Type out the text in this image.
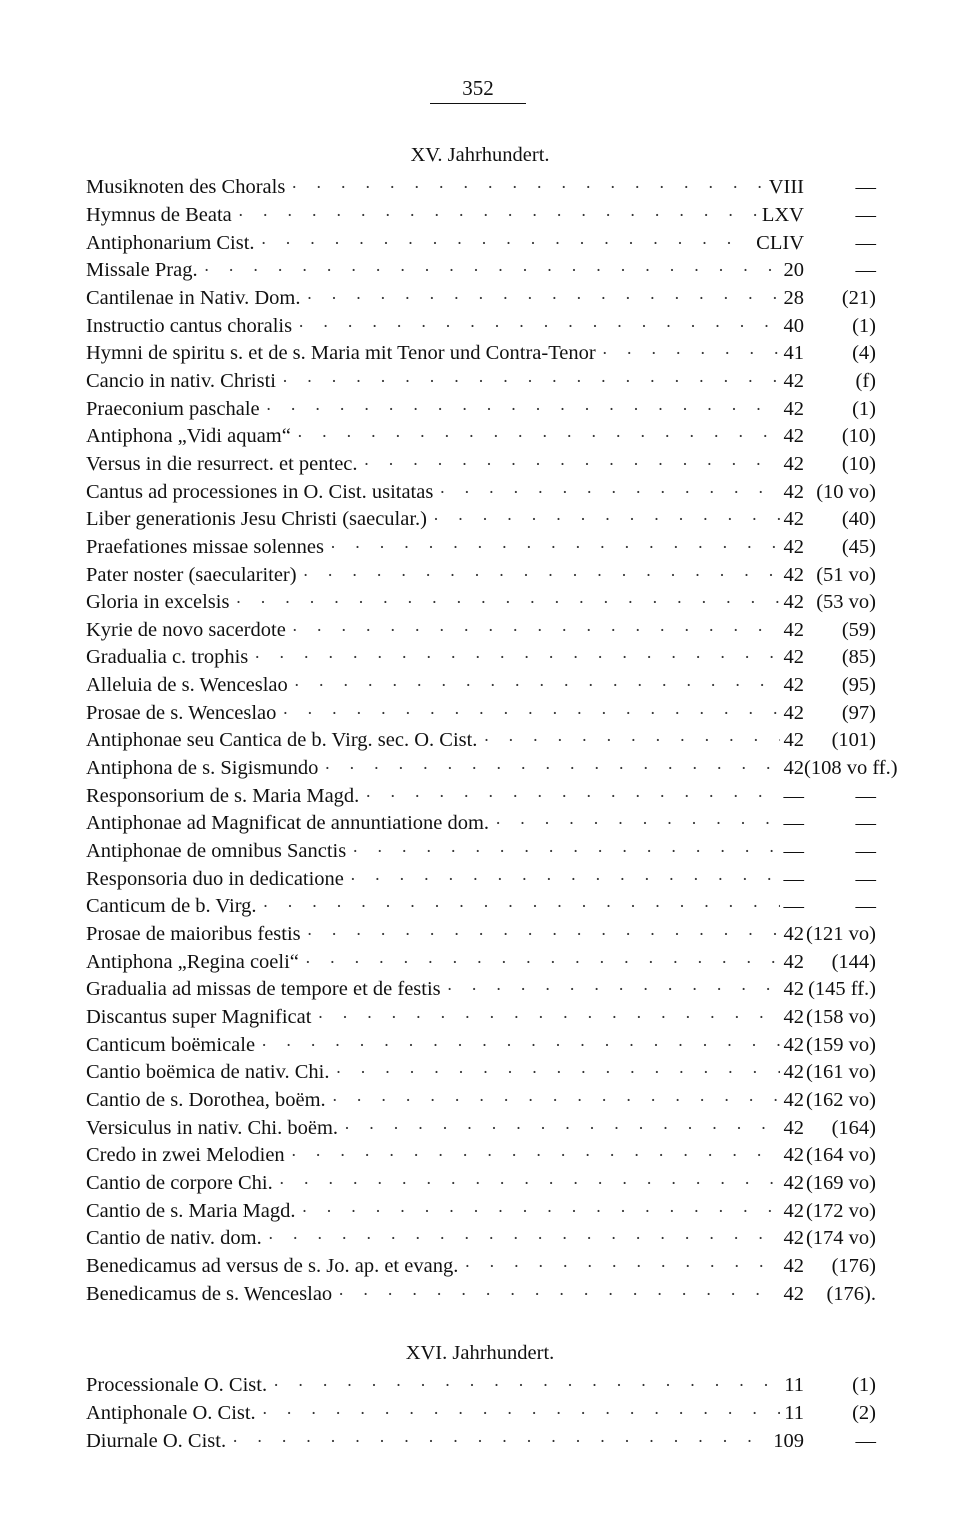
352
XV. Jahrhundert.
Musiknoten des Chorals · · ·	VIII	—
Hymnus de Beata · · ·	LXV	—
Antiphonarium Cist. · · ·	CLIV	—
Missale Prag. · · ·	20	—
Cantilenae in Nativ. Dom. · · ·	28	(21)
Instructio cantus choralis · · ·	40	(1)
Hymni de spiritu s. et de s. Maria mit Tenor und Contra-Tenor · · ·	41	(4)
Cancio in nativ. Christi · · ·	42	(f)
Praeconium paschale · · ·	42	(1)
Antiphona „Vidi aquam“ · · ·	42	(10)
Versus in die resurrect. et pentec. · · ·	42	(10)
Cantus ad processiones in O. Cist. usitatas · · ·	42 (10 vo)
Liber generationis Jesu Christi (saecular.) · · ·	42	(40)
Praefationes missae solennes · · ·	42	(45)
Pater noster (saeculariter) · · ·	42 (51 vo)
Gloria in excelsis · · ·	42 (53 vo)
Kyrie de novo sacerdote · · ·	42	(59)
Gradualia c. trophis · · ·	42	(85)
Alleluia de s. Wenceslao · · ·	42	(95)
Prosae de s. Wenceslao · · ·	42	(97)
Antiphonae seu Cantica de b. Virg. sec. O. Cist. · · ·	42	(101)
Antiphona de s. Sigismundo · · ·	42 (108 vo ff.)
Responsorium de s. Maria Magd. · · ·	—	—
Antiphonae ad Magnificat de annuntiatione dom. · · ·	—	—
Antiphonae de omnibus Sanctis · · ·	—	—
Responsoria duo in dedicatione · · ·	—	—
Canticum de b. Virg. · · ·	—	—
Prosae de maioribus festis · · ·	42 (121 vo)
Antiphona „Regina coeli“ · · ·	42	(144)
Gradualia ad missas de tempore et de festis · · ·	42 (145 ff.)
Discantus super Magnificat · · ·	42 (158 vo)
Canticum boëmicale · · ·	42 (159 vo)
Cantio boëmica de nativ. Chi. · · ·	42 (161 vo)
Cantio de s. Dorothea, boëm. · · ·	42 (162 vo)
Versiculus in nativ. Chi. boëm. · · ·	42	(164)
Credo in zwei Melodien · · ·	42 (164 vo)
Cantio de corpore Chi. · · ·	42 (169 vo)
Cantio de s. Maria Magd. · · ·	42 (172 vo)
Cantio de nativ. dom. · · ·	42 (174 vo)
Benedicamus ad versus de s. Jo. ap. et evang. · · ·	42	(176)
Benedicamus de s. Wenceslao · · ·	42	(176).
XVI. Jahrhundert.
Processionale O. Cist. · · ·	11	(1)
Antiphonale O. Cist. · · ·	11	(2)
Diurnale O. Cist. · · ·	109	—
